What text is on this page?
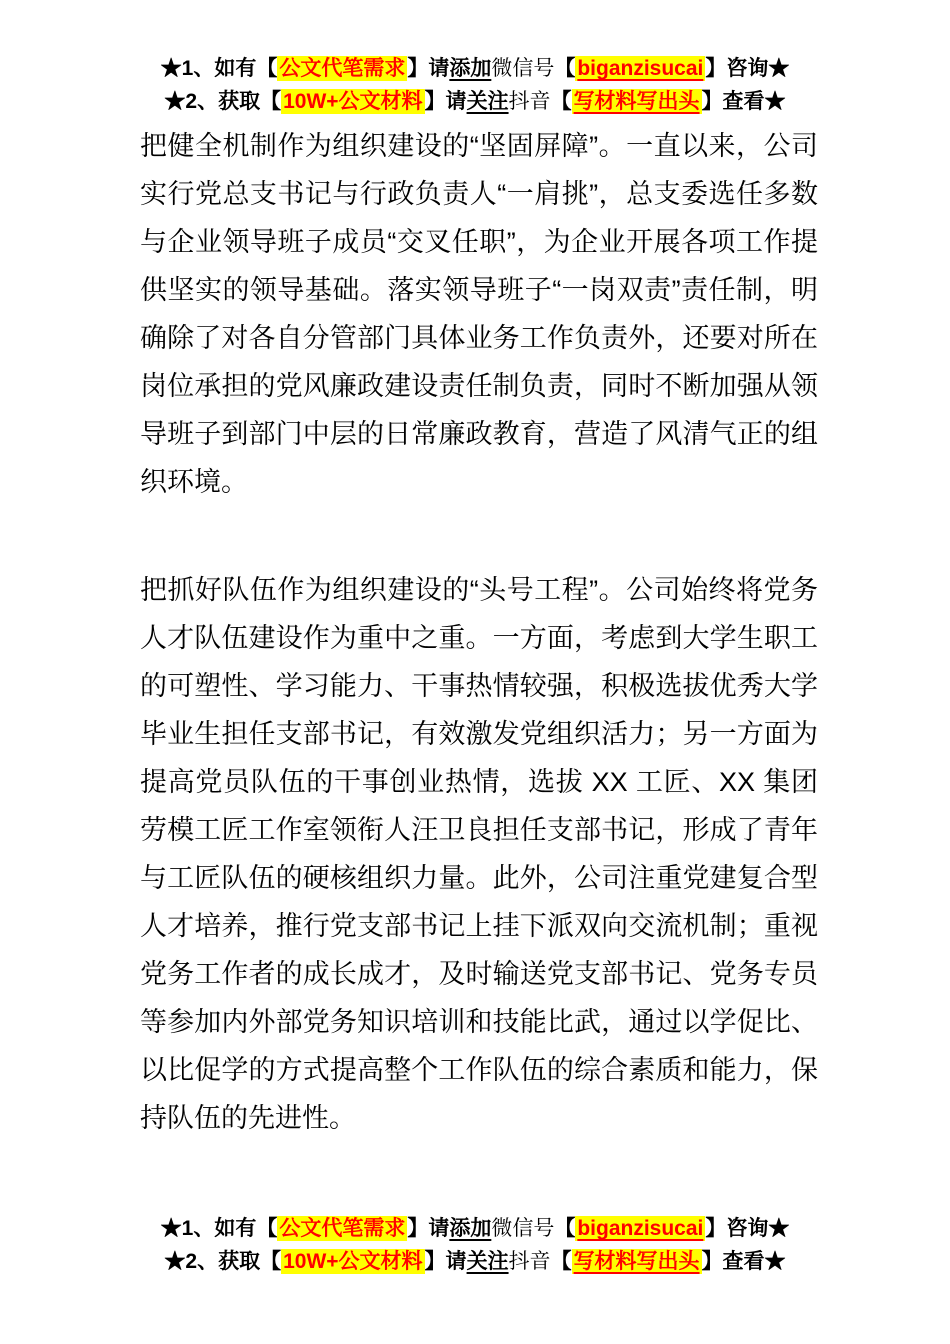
★1、如有【公文代笔需求】请添加微信号【biganzisucai】咨询★

★2、获取【10W+公文材料】请关注抖音【写材料写出头】查看★

把健全机制作为组织建设的“坚固屏障”。一直以来，公司实行党总支书记与行政负责人“一肩挑”，总支委选任多数与企业领导班子成员“交叉任职”，为企业开展各项工作提供坚实的领导基础。落实领导班子“一岗双责”责任制，明确除了对各自分管部门具体业务工作负责外，还要对所在岗位承担的党风廉政建设责任制负责，同时不断加强从领导班子到部门中层的日常廉政教育，营造了风清气正的组织环境。

把抓好队伍作为组织建设的“头号工程”。公司始终将党务人才队伍建设作为重中之重。一方面，考虑到大学生职工的可塑性、学习能力、干事热情较强，积极选拔优秀大学毕业生担任支部书记，有效激发党组织活力；另一方面为提高党员队伍的干事创业热情，选拔 XX 工匠、XX 集团劳模工匠工作室领衔人汪卫良担任支部书记，形成了青年与工匠队伍的硬核组织力量。此外，公司注重党建复合型人才培养，推行党支部书记上挂下派双向交流机制；重视党务工作者的成长成才，及时输送党支部书记、党务专员等参加内外部党务知识培训和技能比武，通过以学促比、以比促学的方式提高整个工作队伍的综合素质和能力，保持队伍的先进性。

★1、如有【公文代笔需求】请添加微信号【biganzisucai】咨询★

★2、获取【10W+公文材料】请关注抖音【写材料写出头】查看★
